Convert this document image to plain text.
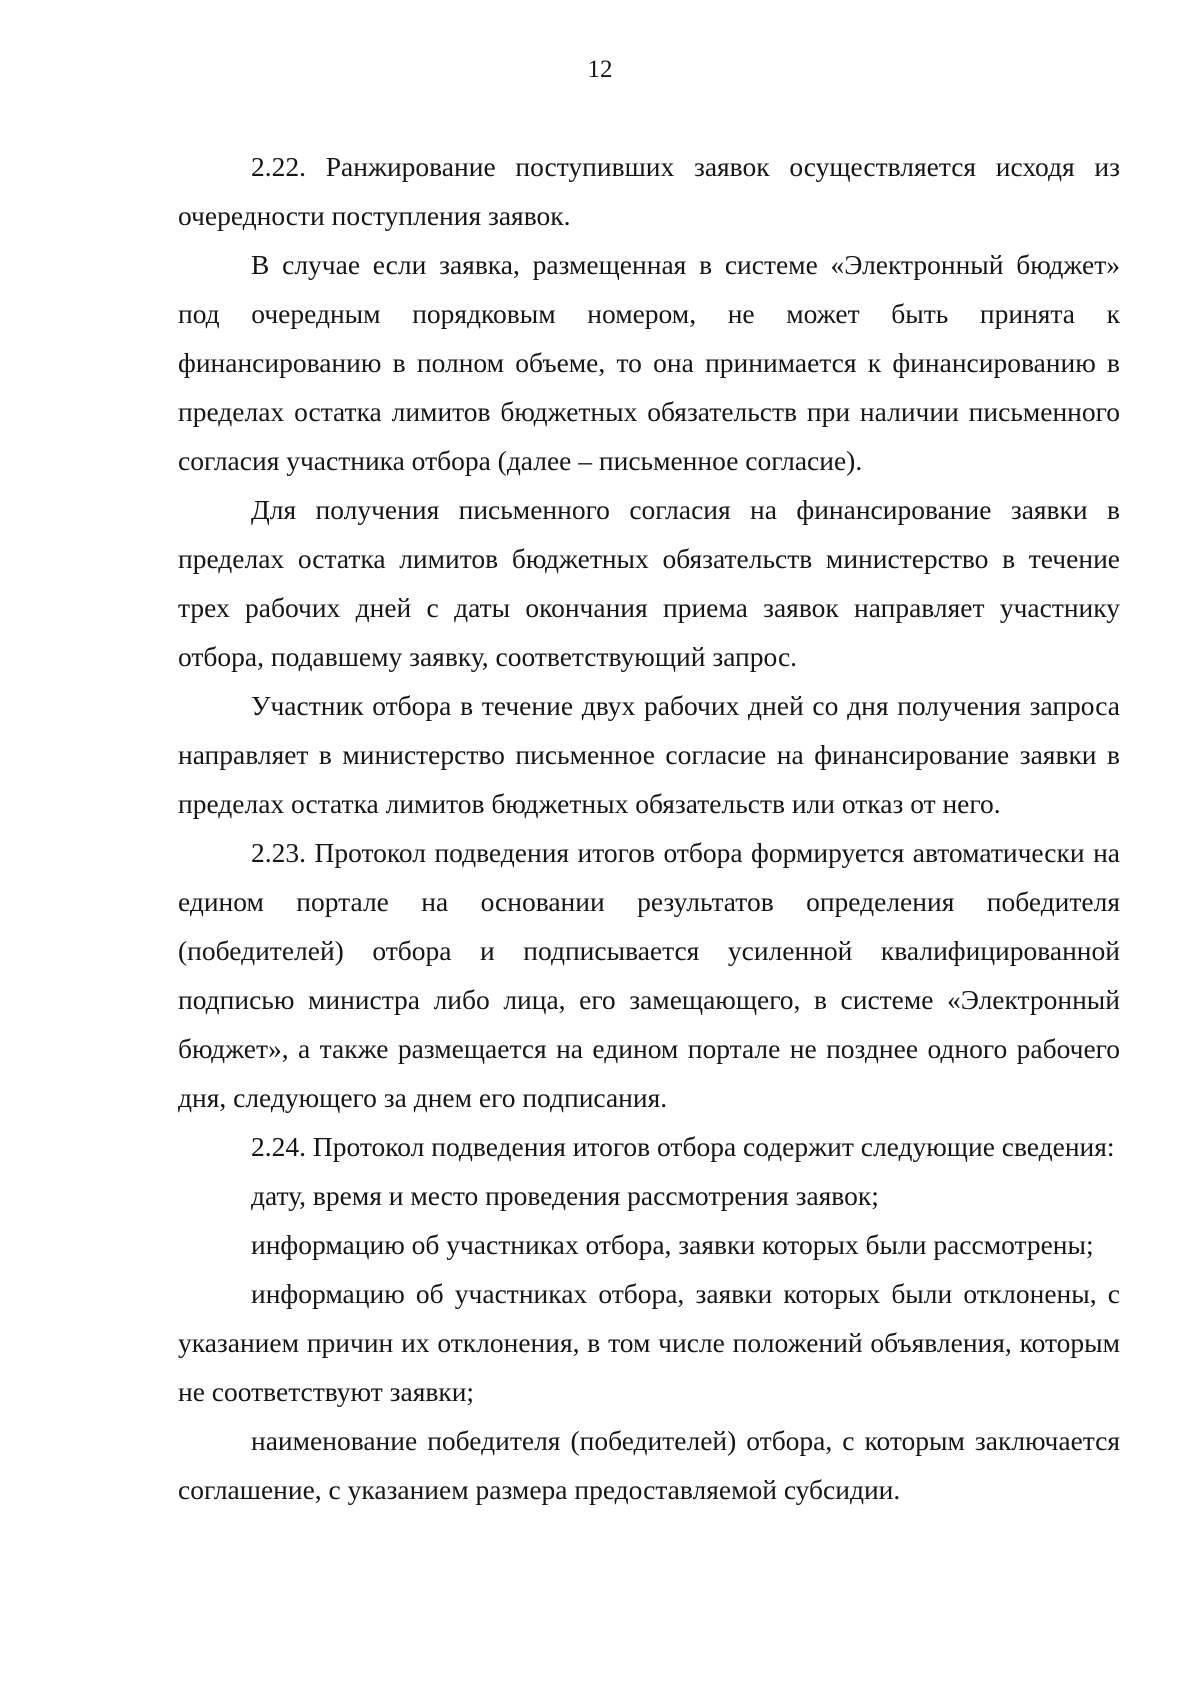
12

2.22. Ранжирование поступивших заявок осуществляется исходя из очередности поступления заявок.

В случае если заявка, размещенная в системе «Электронный бюджет» под очередным порядковым номером, не может быть принята к финансированию в полном объеме, то она принимается к финансированию в пределах остатка лимитов бюджетных обязательств при наличии письменного согласия участника отбора (далее – письменное согласие).

Для получения письменного согласия на финансирование заявки в пределах остатка лимитов бюджетных обязательств министерство в течение трех рабочих дней с даты окончания приема заявок направляет участнику отбора, подавшему заявку, соответствующий запрос.

Участник отбора в течение двух рабочих дней со дня получения запроса направляет в министерство письменное согласие на финансирование заявки в пределах остатка лимитов бюджетных обязательств или отказ от него.

2.23. Протокол подведения итогов отбора формируется автоматически на едином портале на основании результатов определения победителя (победителей) отбора и подписывается усиленной квалифицированной подписью министра либо лица, его замещающего, в системе «Электронный бюджет», а также размещается на едином портале не позднее одного рабочего дня, следующего за днем его подписания.

2.24. Протокол подведения итогов отбора содержит следующие сведения:

дату, время и место проведения рассмотрения заявок;

информацию об участниках отбора, заявки которых были рассмотрены;

информацию об участниках отбора, заявки которых были отклонены, с указанием причин их отклонения, в том числе положений объявления, которым не соответствуют заявки;

наименование победителя (победителей) отбора, с которым заключается соглашение, с указанием размера предоставляемой субсидии.
